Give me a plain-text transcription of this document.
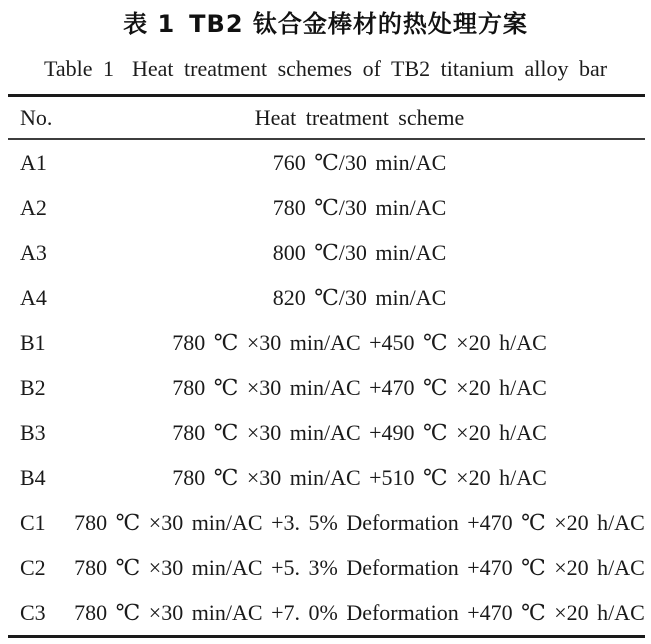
表 1 TB2 钛合金棒材的热处理方案
Table 1 Heat treatment schemes of TB2 titanium alloy bar
No.	Heat treatment scheme
A1	760 ℃/30 min/AC
A2	780 ℃/30 min/AC
A3	800 ℃/30 min/AC
A4	820 ℃/30 min/AC
B1	780 ℃ ×30 min/AC +450 ℃ ×20 h/AC
B2	780 ℃ ×30 min/AC +470 ℃ ×20 h/AC
B3	780 ℃ ×30 min/AC +490 ℃ ×20 h/AC
B4	780 ℃ ×30 min/AC +510 ℃ ×20 h/AC
C1	780 ℃ ×30 min/AC +3. 5% Deformation +470 ℃ ×20 h/AC
C2	780 ℃ ×30 min/AC +5. 3% Deformation +470 ℃ ×20 h/AC
C3	780 ℃ ×30 min/AC +7. 0% Deformation +470 ℃ ×20 h/AC
